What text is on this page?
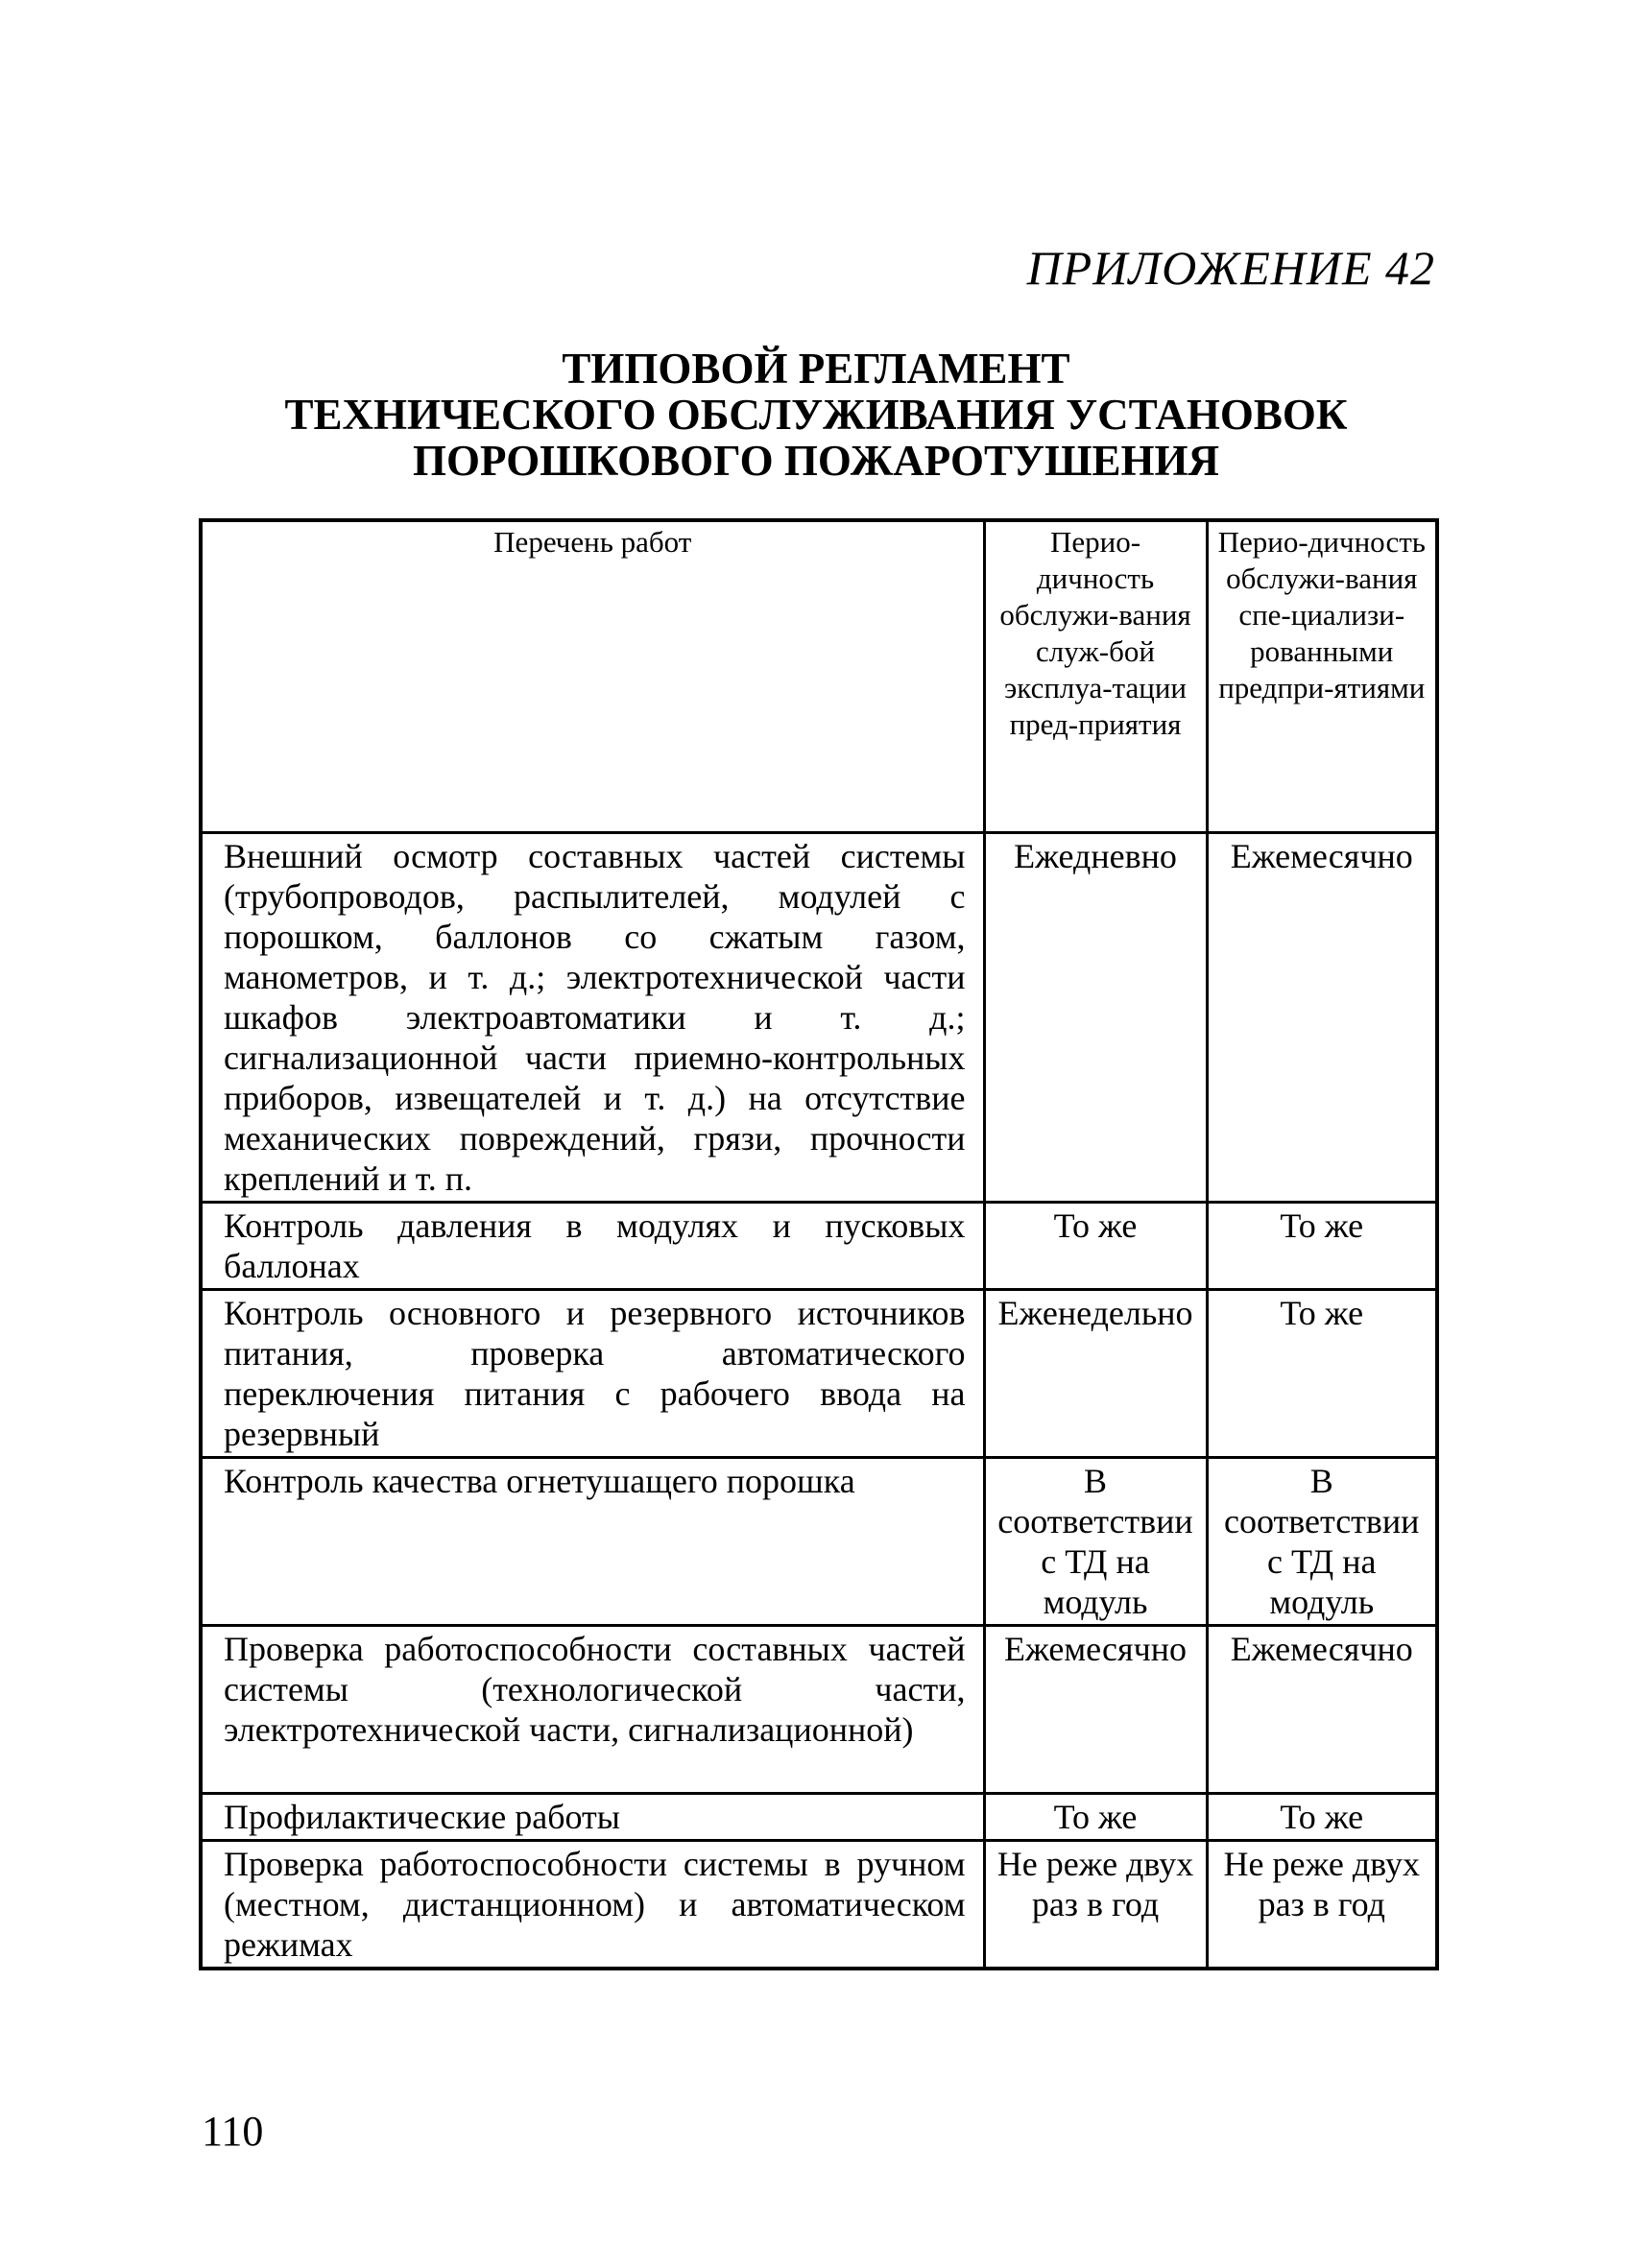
ПРИЛОЖЕНИЕ 42
ТИПОВОЙ РЕГЛАМЕНТ
ТЕХНИЧЕСКОГО ОБСЛУЖИВАНИЯ УСТАНОВОК
ПОРОШКОВОГО ПОЖАРОТУШЕНИЯ
Перечень работ	Перио-дичность обслужи-вания служ-бой эксплуа-тации пред-приятия	Перио-дичность обслужи-вания спе-циализи-рованными предпри-ятиями
Внешний осмотр составных частей системы (трубопроводов, распылителей, модулей с порошком, баллонов со сжатым газом, манометров, и т. д.; электротехнической части шкафов электроавтоматики и т. д.; сигнализационной части приемно-контрольных приборов, извещателей и т. д.) на отсутствие механических повреждений, грязи, прочности креплений и т. п.	Ежедневно	Ежемесячно
Контроль давления в модулях и пусковых баллонах	То же	То же
Контроль основного и резервного источников питания, проверка автоматического переключения питания с рабочего ввода на резервный	Еженедельно	То же
Контроль качества огнетушащего порошка	В соответствии с ТД на модуль	В соответствии с ТД на модуль
Проверка работоспособности составных частей системы (технологической части, электротехнической части, сигнализационной)	Ежемесячно	Ежемесячно
Профилактические работы	То же	То же
Проверка работоспособности системы в ручном (местном, дистанционном) и автоматическом режимах	Не реже двух раз в год	Не реже двух раз в год
110
